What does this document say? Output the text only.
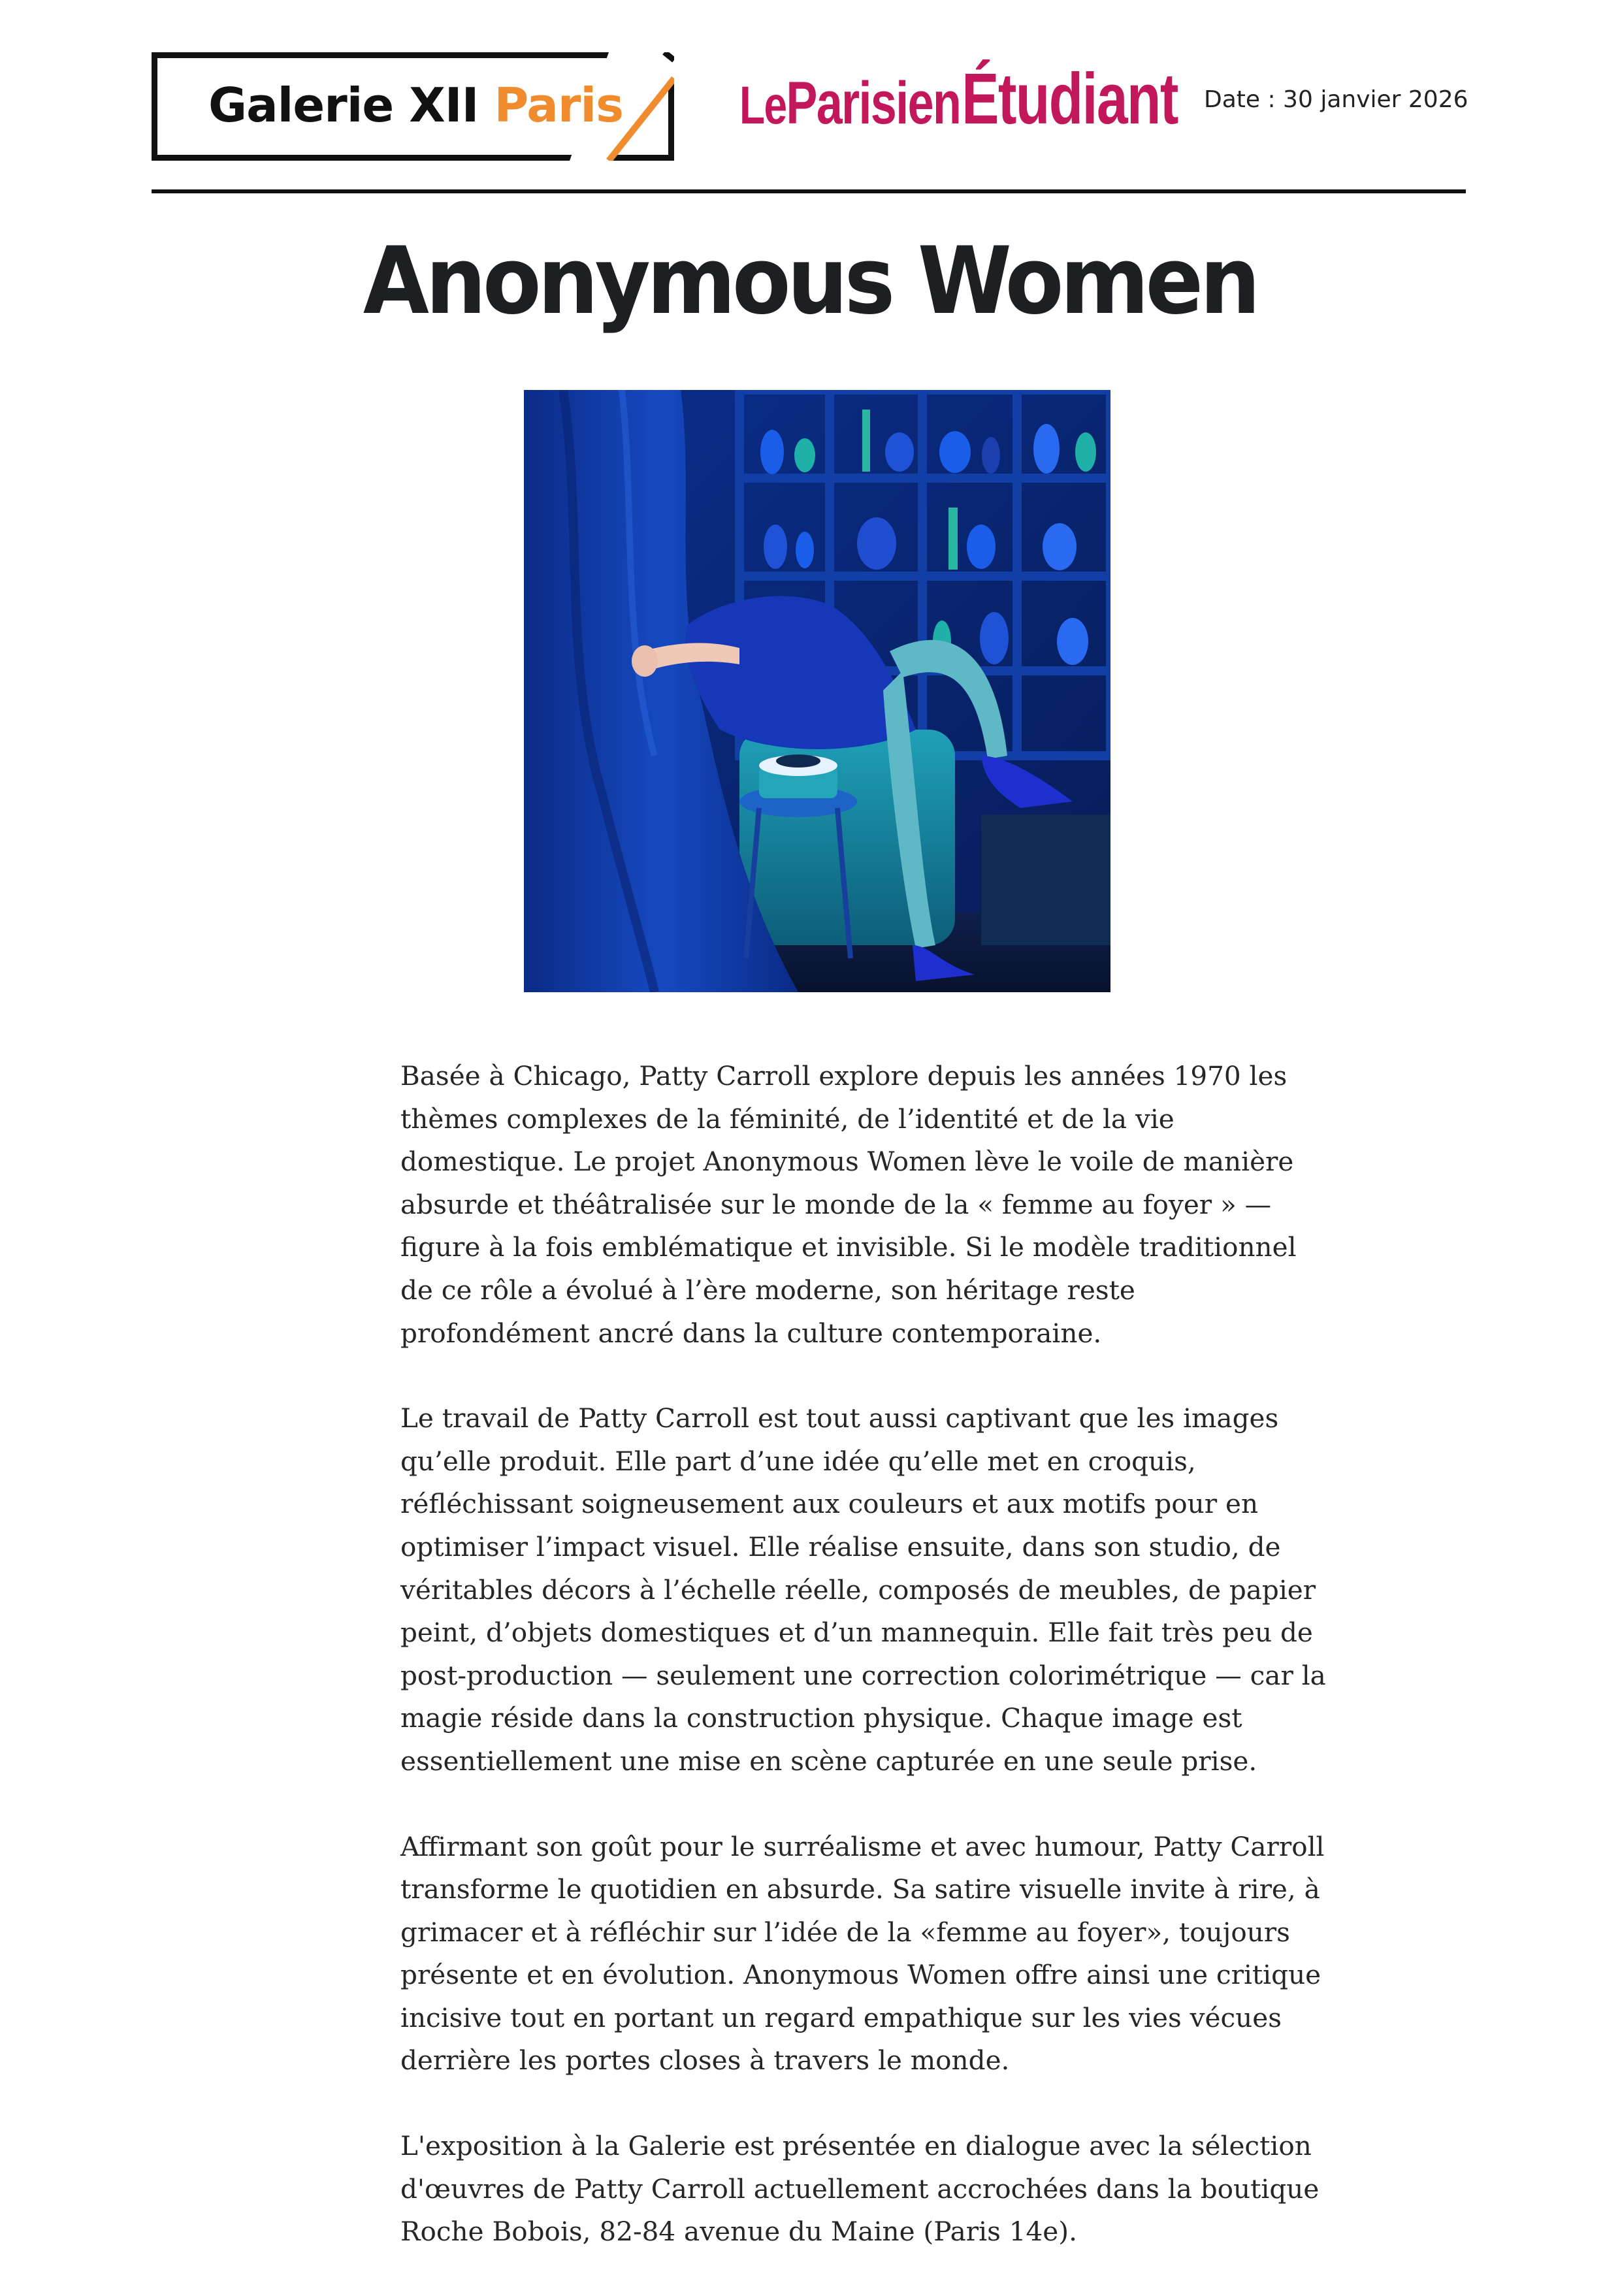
Galerie XII Paris LeParisien Étudiant Date : 30 janvier 2026
Anonymous Women

Basée à Chicago, Patty Carroll explore depuis les années 1970 les thèmes complexes de la féminité, de l’identité et de la vie domestique. Le projet Anonymous Women lève le voile de manière absurde et théâtralisée sur le monde de la « femme au foyer » — figure à la fois emblématique et invisible. Si le modèle traditionnel de ce rôle a évolué à l’ère moderne, son héritage reste profondément ancré dans la culture contemporaine.

Le travail de Patty Carroll est tout aussi captivant que les images qu’elle produit. Elle part d’une idée qu’elle met en croquis, réfléchissant soigneusement aux couleurs et aux motifs pour en optimiser l’impact visuel. Elle réalise ensuite, dans son studio, de véritables décors à l’échelle réelle, composés de meubles, de papier peint, d’objets domestiques et d’un mannequin. Elle fait très peu de post-production — seulement une correction colorimétrique — car la magie réside dans la construction physique. Chaque image est essentiellement une mise en scène capturée en une seule prise.

Affirmant son goût pour le surréalisme et avec humour, Patty Carroll transforme le quotidien en absurde. Sa satire visuelle invite à rire, à grimacer et à réfléchir sur l’idée de la «femme au foyer», toujours présente et en évolution. Anonymous Women offre ainsi une critique incisive tout en portant un regard empathique sur les vies vécues derrière les portes closes à travers le monde.

L'exposition à la Galerie est présentée en dialogue avec la sélection d'œuvres de Patty Carroll actuellement accrochées dans la boutique Roche Bobois, 82-84 avenue du Maine (Paris 14e).
